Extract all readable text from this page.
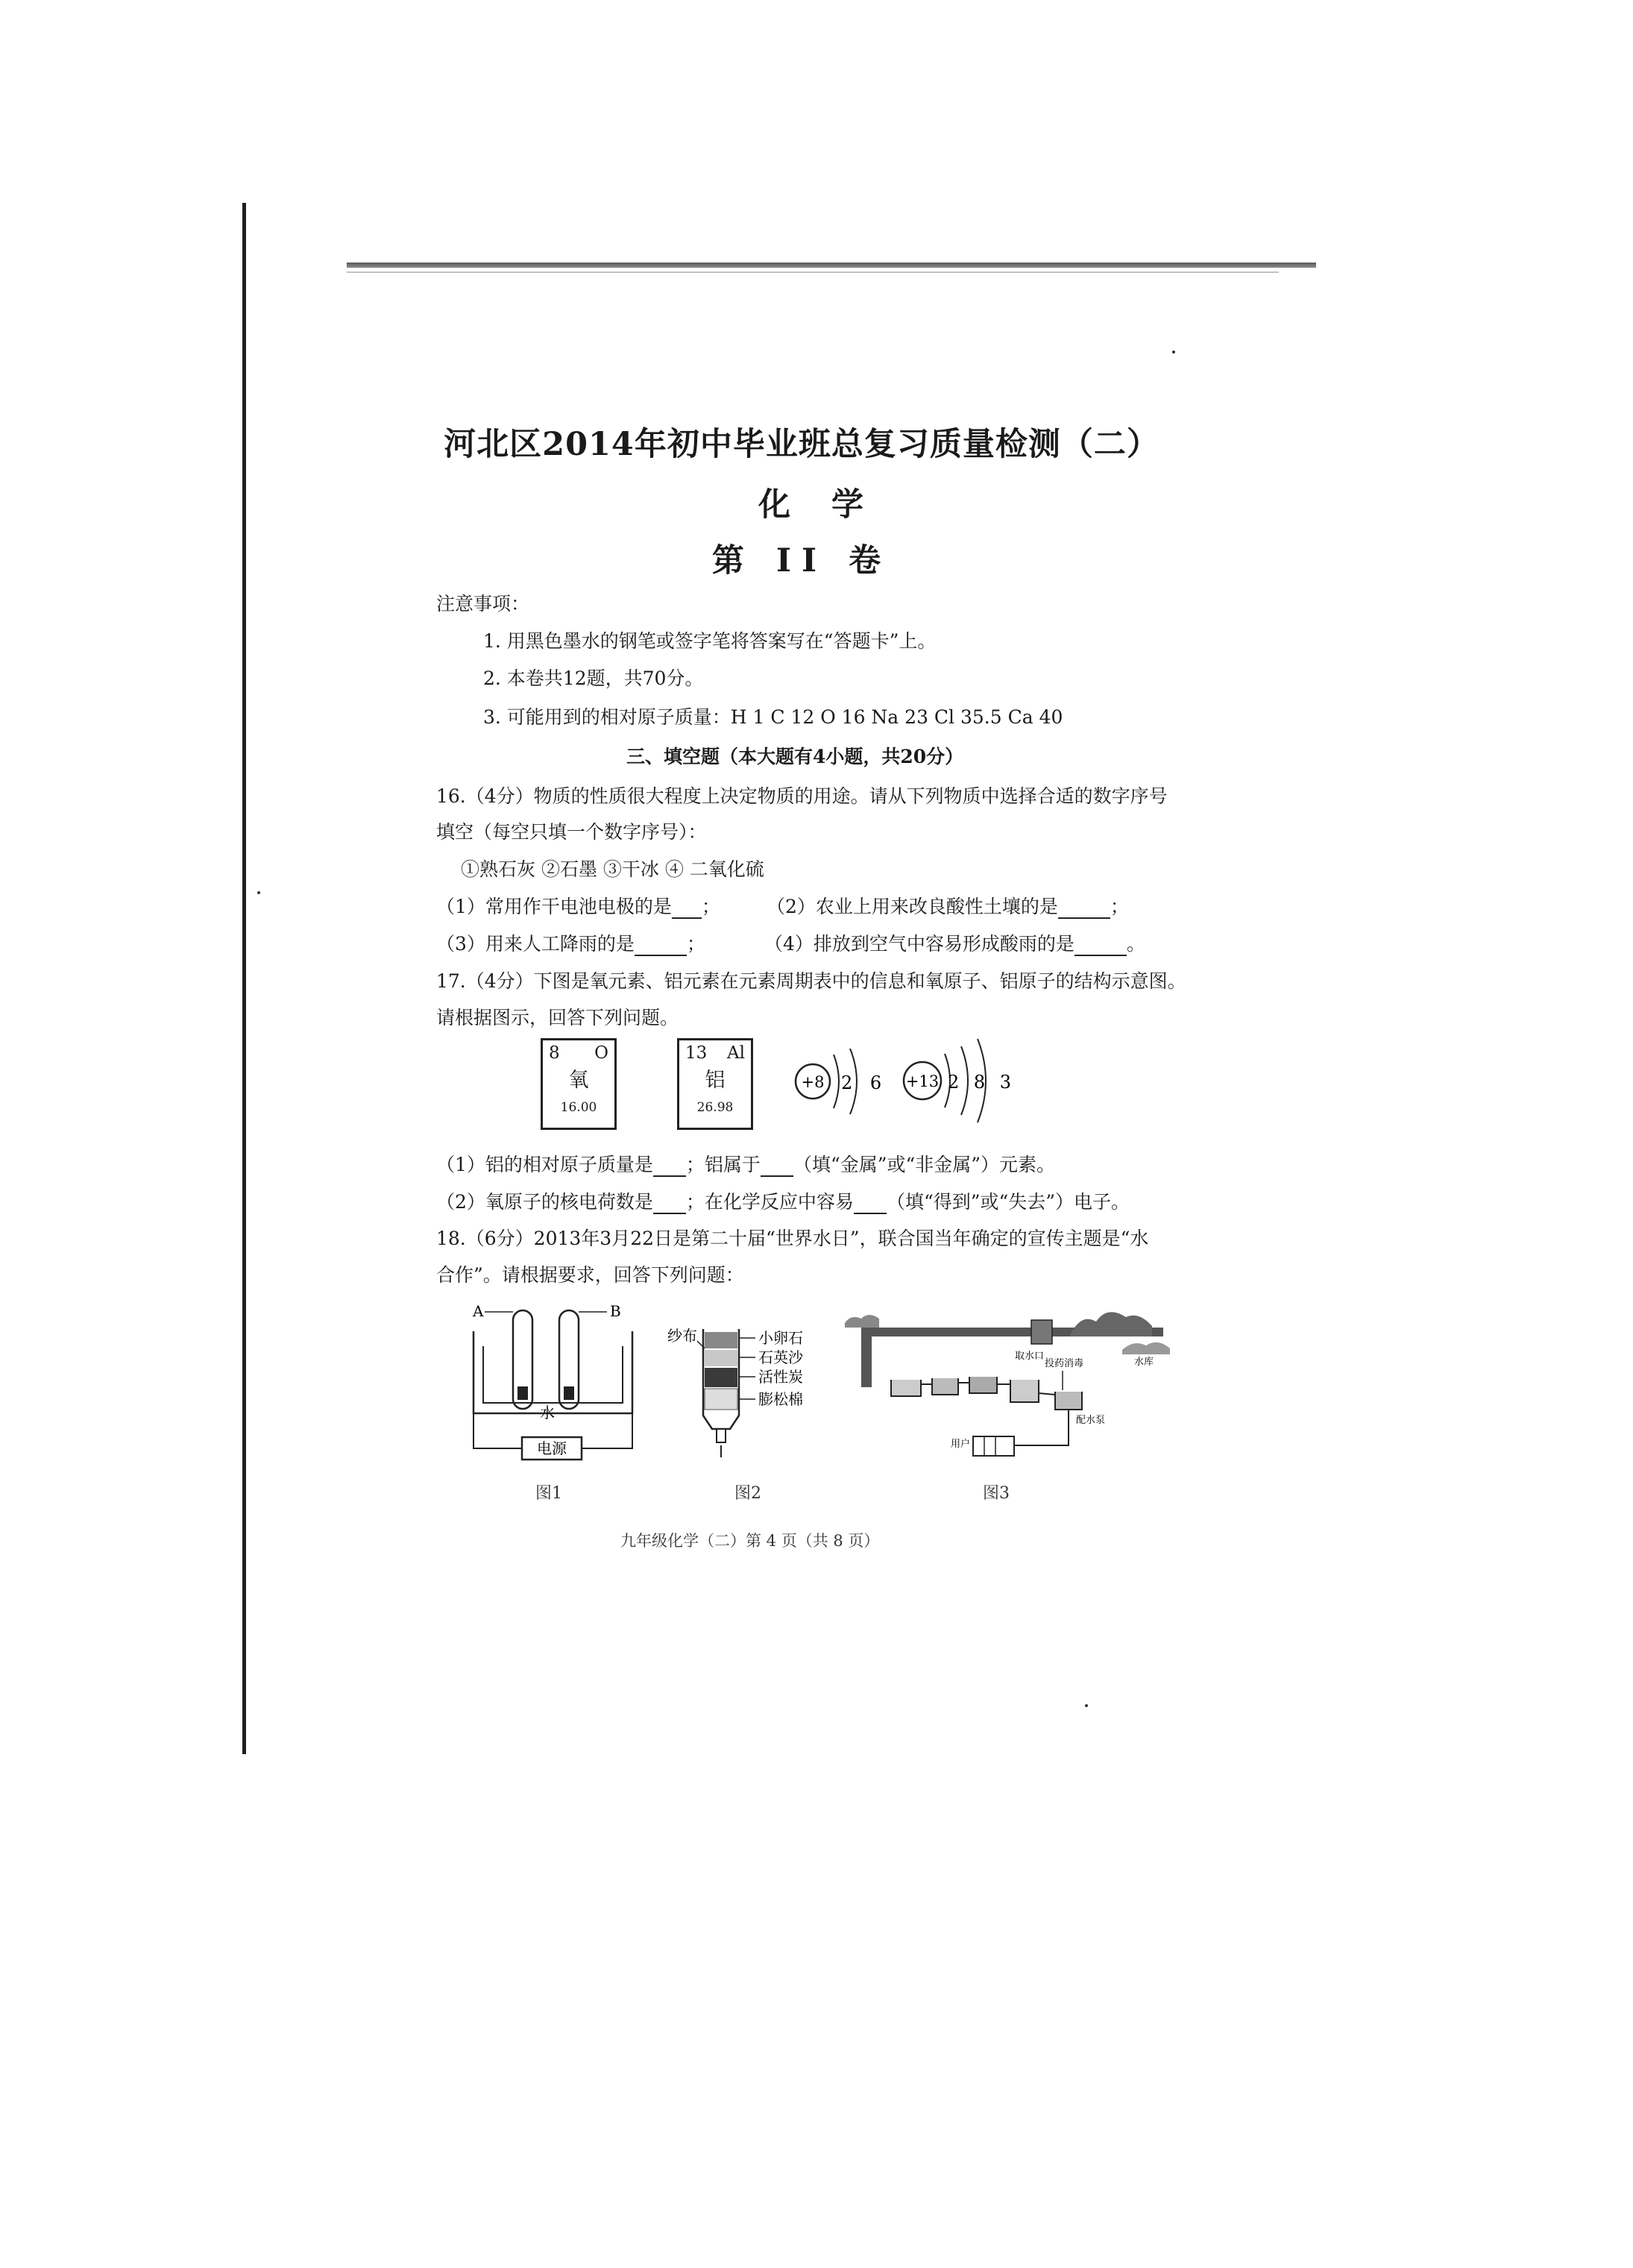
河北区2014年初中毕业班总复习质量检测（二）
化学
第 II 卷
注意事项：
1. 用黑色墨水的钢笔或签字笔将答案写在“答题卡”上。
2. 本卷共12题，共70分。
3. 可能用到的相对原子质量：H 1 C 12 O 16 Na 23 Cl 35.5 Ca 40
三、填空题（本大题有4小题，共20分）
16.（4分）物质的性质很大程度上决定物质的用途。请从下列物质中选择合适的数字序号
填空（每空只填一个数字序号）：
①熟石灰 ②石墨 ③干冰 ④ 二氧化硫
（1）常用作干电池电极的是 ； （2）农业上用来改良酸性土壤的是	；
（3）用来人工降雨的是	；	（4）排放到空气中容易形成酸雨的是	。
17.（4分）下图是氧元素、铝元素在元素周期表中的信息和氧原子、铝原子的结构示意图。
请根据图示，回答下列问题。
8 O
氧
16.00
13 Al
铝
26.98
+8 2 6 +13 2 8 3
（1）铝的相对原子质量是 ；铝属于 （填“金属”或“非金属”）元素。
（2）氧原子的核电荷数是 ；在化学反应中容易 （填“得到”或“失去”）电子。
18.（6分）2013年3月22日是第二十届“世界水日”，联合国当年确定的宣传主题是“水
合作”。请根据要求，回答下列问题：
A	B
水
电源
图1
纱布	小卵石
石英沙
活性炭
膨松棉
图2
取水口
水库
投药消毒
配水泵
用户
图3
九年级化学（二）第 4 页（共 8 页）
